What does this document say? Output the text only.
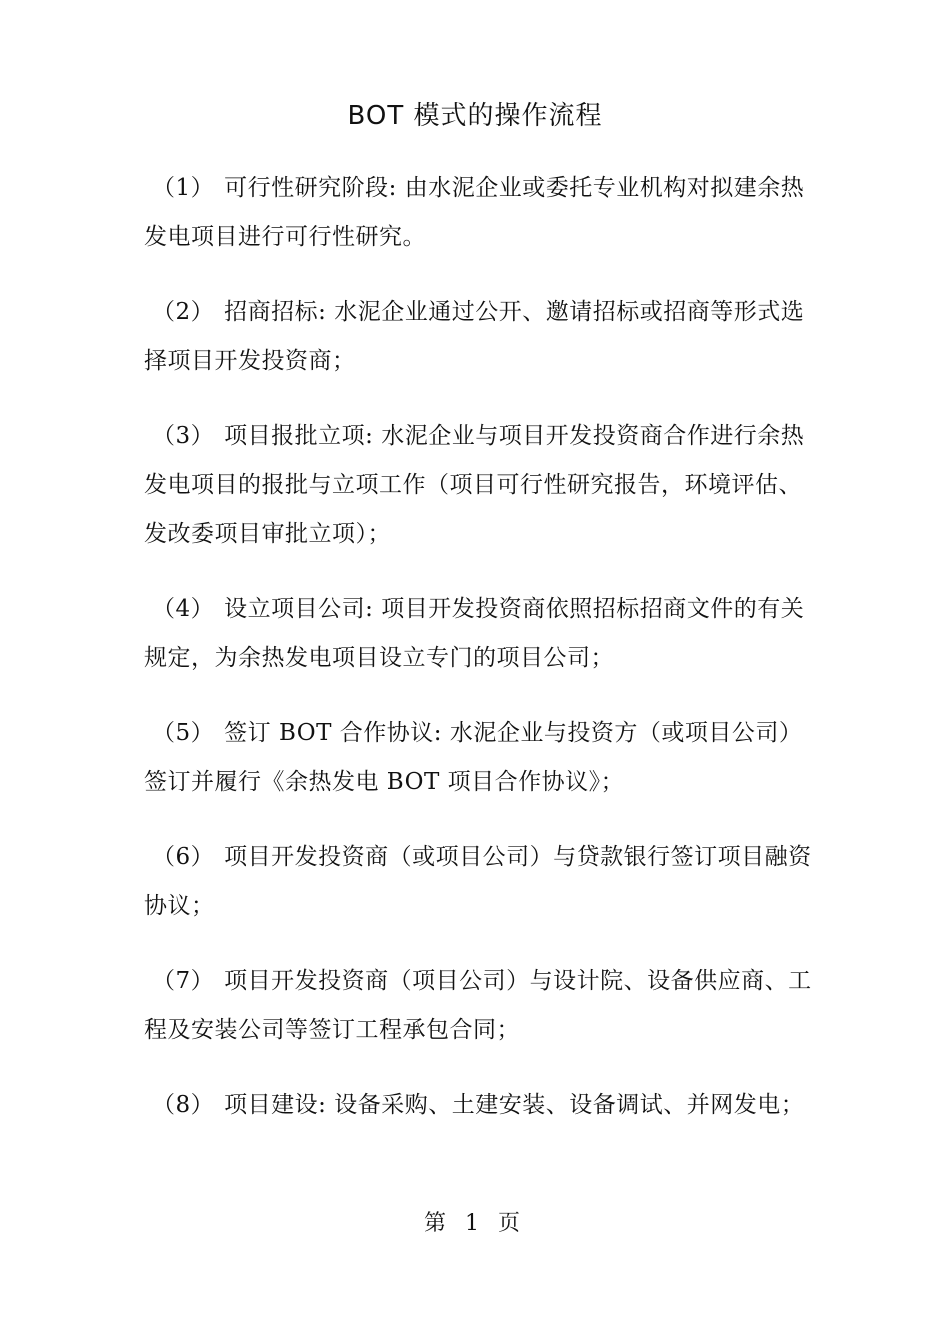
BOT 模式的操作流程

（1） 可行性研究阶段: 由水泥企业或委托专业机构对拟建余热发电项目进行可行性研究。

（2） 招商招标: 水泥企业通过公开、邀请招标或招商等形式选择项目开发投资商；

（3） 项目报批立项: 水泥企业与项目开发投资商合作进行余热发电项目的报批与立项工作（项目可行性研究报告，环境评估、发改委项目审批立项）；

（4） 设立项目公司: 项目开发投资商依照招标招商文件的有关规定，为余热发电项目设立专门的项目公司；

（5） 签订 BOT 合作协议: 水泥企业与投资方（或项目公司）签订并履行《余热发电 BOT 项目合作协议》；

（6） 项目开发投资商（或项目公司）与贷款银行签订项目融资协议；

（7） 项目开发投资商（项目公司）与设计院、设备供应商、工程及安装公司等签订工程承包合同；

（8） 项目建设: 设备采购、土建安装、设备调试、并网发电；

第 1 页
